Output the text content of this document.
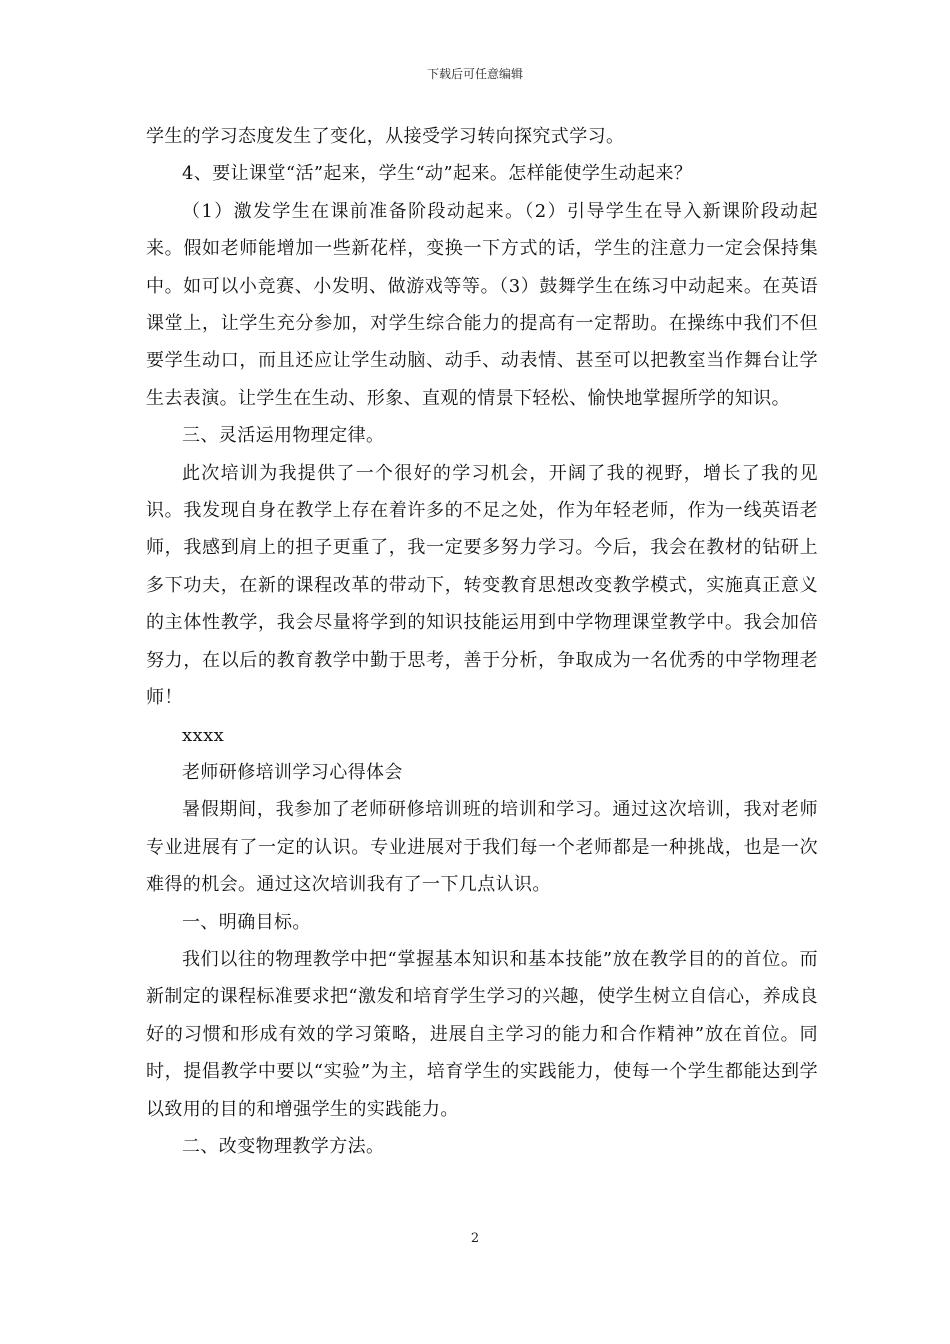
下载后可任意编辑

学生的学习态度发生了变化，从接受学习转向探究式学习。

4、要让课堂“活”起来，学生“动”起来。怎样能使学生动起来？

（1）激发学生在课前准备阶段动起来。（2）引导学生在导入新课阶段动起来。假如老师能增加一些新花样，变换一下方式的话，学生的注意力一定会保持集中。如可以小竞赛、小发明、做游戏等等。（3）鼓舞学生在练习中动起来。在英语课堂上，让学生充分参加，对学生综合能力的提高有一定帮助。在操练中我们不但要学生动口，而且还应让学生动脑、动手、动表情、甚至可以把教室当作舞台让学生去表演。让学生在生动、形象、直观的情景下轻松、愉快地掌握所学的知识。

三、灵活运用物理定律。

此次培训为我提供了一个很好的学习机会，开阔了我的视野，增长了我的见识。我发现自身在教学上存在着许多的不足之处，作为年轻老师，作为一线英语老师，我感到肩上的担子更重了，我一定要多努力学习。今后，我会在教材的钻研上多下功夫，在新的课程改革的带动下，转变教育思想改变教学模式，实施真正意义的主体性教学，我会尽量将学到的知识技能运用到中学物理课堂教学中。我会加倍努力，在以后的教育教学中勤于思考，善于分析，争取成为一名优秀的中学物理老师！

xxxx

老师研修培训学习心得体会

暑假期间，我参加了老师研修培训班的培训和学习。通过这次培训，我对老师专业进展有了一定的认识。专业进展对于我们每一个老师都是一种挑战，也是一次难得的机会。通过这次培训我有了一下几点认识。

一、明确目标。

我们以往的物理教学中把“掌握基本知识和基本技能”放在教学目的的首位。而新制定的课程标准要求把“激发和培育学生学习的兴趣，使学生树立自信心，养成良好的习惯和形成有效的学习策略，进展自主学习的能力和合作精神”放在首位。同时，提倡教学中要以“实验”为主，培育学生的实践能力，使每一个学生都能达到学以致用的目的和增强学生的实践能力。

二、改变物理教学方法。

2
